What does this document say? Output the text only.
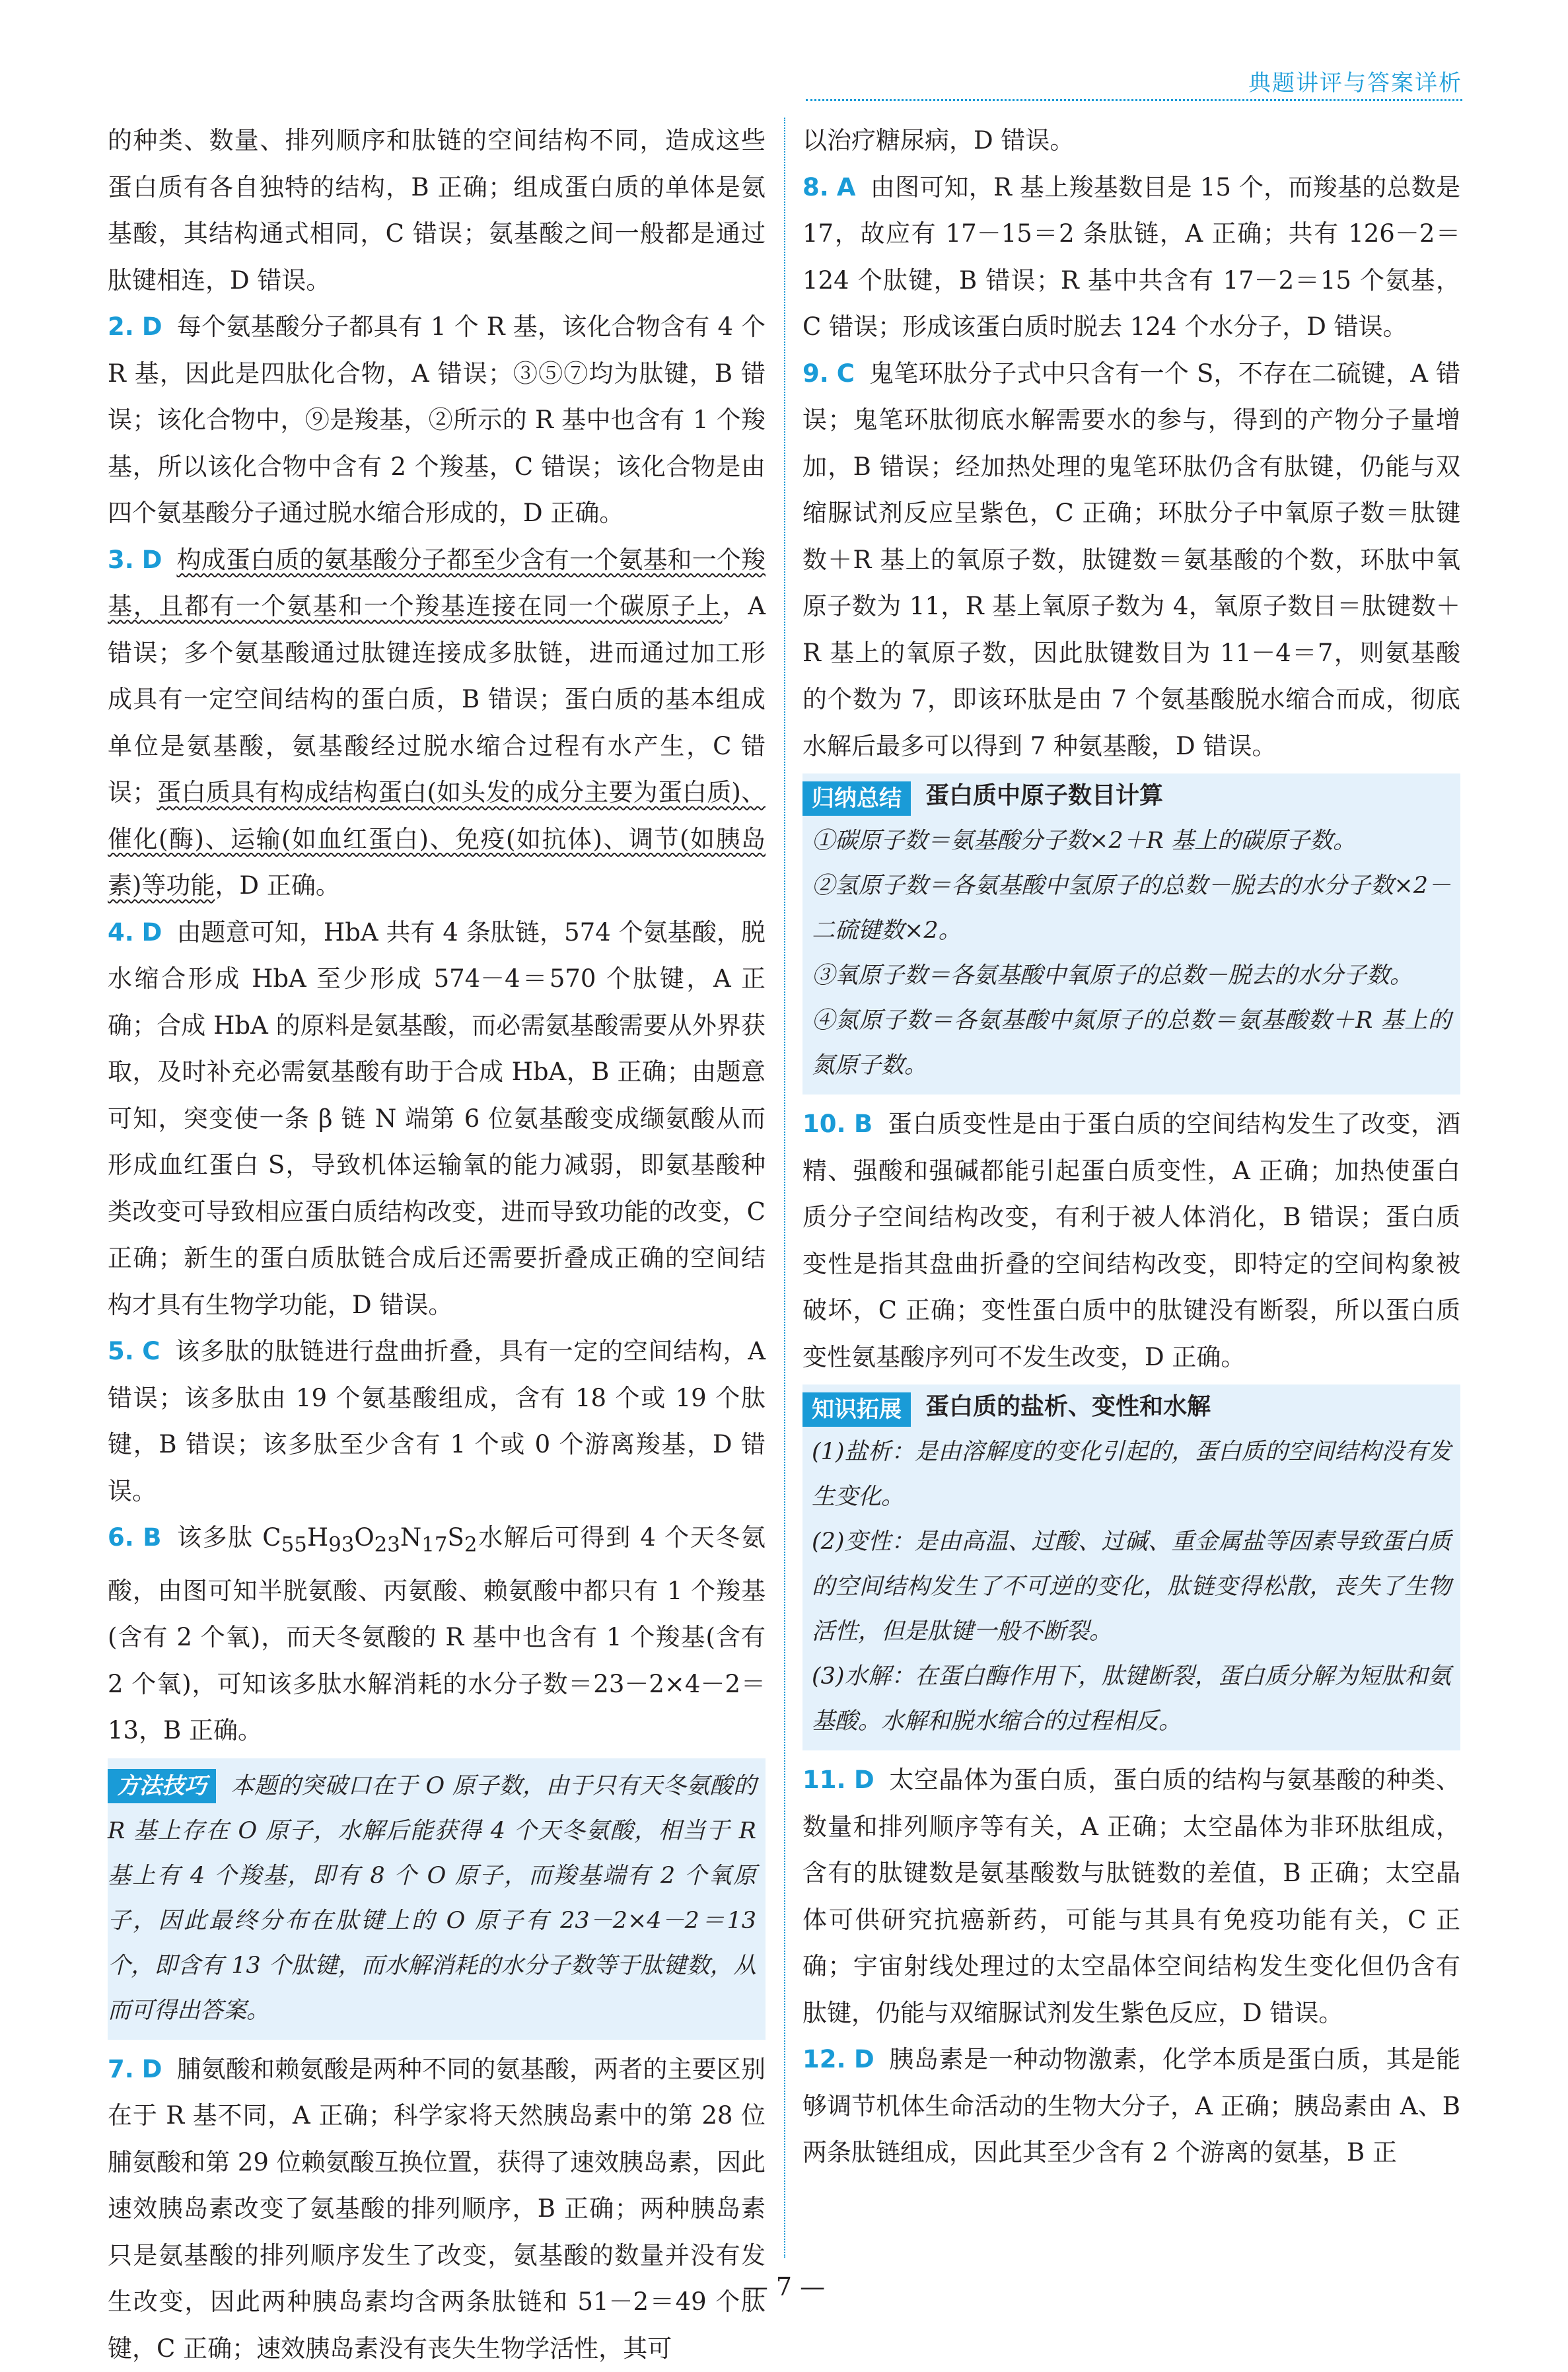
典题讲评与答案详析

的种类、数量、排列顺序和肽链的空间结构不同，造成这些蛋白质有各自独特的结构，B 正确；组成蛋白质的单体是氨基酸，其结构通式相同，C 错误；氨基酸之间一般都是通过肽键相连，D 错误。

2. D 每个氨基酸分子都具有 1 个 R 基，该化合物含有 4 个 R 基，因此是四肽化合物，A 错误；③⑤⑦均为肽键，B 错误；该化合物中，⑨是羧基，②所示的 R 基中也含有 1 个羧基，所以该化合物中含有 2 个羧基，C 错误；该化合物是由四个氨基酸分子通过脱水缩合形成的，D 正确。

3. D 构成蛋白质的氨基酸分子都至少含有一个氨基和一个羧基，且都有一个氨基和一个羧基连接在同一个碳原子上，A 错误；多个氨基酸通过肽键连接成多肽链，进而通过加工形成具有一定空间结构的蛋白质，B 错误；蛋白质的基本组成单位是氨基酸，氨基酸经过脱水缩合过程有水产生，C 错误；蛋白质具有构成结构蛋白(如头发的成分主要为蛋白质)、催化(酶)、运输(如血红蛋白)、免疫(如抗体)、调节(如胰岛素)等功能，D 正确。

4. D 由题意可知，HbA 共有 4 条肽链，574 个氨基酸，脱水缩合形成 HbA 至少形成 574－4＝570 个肽键，A 正确；合成 HbA 的原料是氨基酸，而必需氨基酸需要从外界获取，及时补充必需氨基酸有助于合成 HbA，B 正确；由题意可知，突变使一条 β 链 N 端第 6 位氨基酸变成缬氨酸从而形成血红蛋白 S，导致机体运输氧的能力减弱，即氨基酸种类改变可导致相应蛋白质结构改变，进而导致功能的改变，C 正确；新生的蛋白质肽链合成后还需要折叠成正确的空间结构才具有生物学功能，D 错误。

5. C 该多肽的肽链进行盘曲折叠，具有一定的空间结构，A 错误；该多肽由 19 个氨基酸组成，含有 18 个或 19 个肽键，B 错误；该多肽至少含有 1 个或 0 个游离羧基，D 错误。

6. B 该多肽 $C_{55}H_{93}O_{23}N_{17}S_2$水解后可得到 4 个天冬氨酸，由图可知半胱氨酸、丙氨酸、赖氨酸中都只有 1 个羧基(含有 2 个氧)，而天冬氨酸的 R 基中也含有 1 个羧基(含有 2 个氧)，可知该多肽水解消耗的水分子数＝23－2×4－2＝13，B 正确。

方法技巧 本题的突破口在于 O 原子数，由于只有天冬氨酸的 R 基上存在 O 原子，水解后能获得 4 个天冬氨酸，相当于 R 基上有 4 个羧基，即有 8 个 O 原子，而羧基端有 2 个氧原子，因此最终分布在肽键上的 O 原子有 23－2×4－2＝13 个，即含有 13 个肽键，而水解消耗的水分子数等于肽键数，从而可得出答案。

7. D 脯氨酸和赖氨酸是两种不同的氨基酸，两者的主要区别在于 R 基不同，A 正确；科学家将天然胰岛素中的第 28 位脯氨酸和第 29 位赖氨酸互换位置，获得了速效胰岛素，因此速效胰岛素改变了氨基酸的排列顺序，B 正确；两种胰岛素只是氨基酸的排列顺序发生了改变，氨基酸的数量并没有发生改变，因此两种胰岛素均含两条肽链和 51－2＝49 个肽键，C 正确；速效胰岛素没有丧失生物学活性，其可

以治疗糖尿病，D 错误。

8. A 由图可知，R 基上羧基数目是 15 个，而羧基的总数是 17，故应有 17－15＝2 条肽链，A 正确；共有 126－2＝124 个肽键，B 错误；R 基中共含有 17－2＝15 个氨基，C 错误；形成该蛋白质时脱去 124 个水分子，D 错误。

9. C 鬼笔环肽分子式中只含有一个 S，不存在二硫键，A 错误；鬼笔环肽彻底水解需要水的参与，得到的产物分子量增加，B 错误；经加热处理的鬼笔环肽仍含有肽键，仍能与双缩脲试剂反应呈紫色，C 正确；环肽分子中氧原子数＝肽键数＋R 基上的氧原子数，肽键数＝氨基酸的个数，环肽中氧原子数为 11，R 基上氧原子数为 4，氧原子数目＝肽键数＋R 基上的氧原子数，因此肽键数目为 11－4＝7，则氨基酸的个数为 7，即该环肽是由 7 个氨基酸脱水缩合而成，彻底水解后最多可以得到 7 种氨基酸，D 错误。

归纳总结	蛋白质中原子数目计算

①碳原子数＝氨基酸分子数×2＋R 基上的碳原子数。

②氢原子数＝各氨基酸中氢原子的总数－脱去的水分子数×2－二硫键数×2。

③氧原子数＝各氨基酸中氧原子的总数－脱去的水分子数。

④氮原子数＝各氨基酸中氮原子的总数＝氨基酸数＋R 基上的氮原子数。

10. B 蛋白质变性是由于蛋白质的空间结构发生了改变，酒精、强酸和强碱都能引起蛋白质变性，A 正确；加热使蛋白质分子空间结构改变，有利于被人体消化，B 错误；蛋白质变性是指其盘曲折叠的空间结构改变，即特定的空间构象被破坏，C 正确；变性蛋白质中的肽键没有断裂，所以蛋白质变性氨基酸序列可不发生改变，D 正确。

知识拓展	蛋白质的盐析、变性和水解

(1)盐析：是由溶解度的变化引起的，蛋白质的空间结构没有发生变化。

(2)变性：是由高温、过酸、过碱、重金属盐等因素导致蛋白质的空间结构发生了不可逆的变化，肽链变得松散，丧失了生物活性，但是肽键一般不断裂。

(3)水解：在蛋白酶作用下，肽键断裂，蛋白质分解为短肽和氨基酸。水解和脱水缩合的过程相反。

11. D 太空晶体为蛋白质，蛋白质的结构与氨基酸的种类、数量和排列顺序等有关，A 正确；太空晶体为非环肽组成，含有的肽键数是氨基酸数与肽链数的差值，B 正确；太空晶体可供研究抗癌新药，可能与其具有免疫功能有关，C 正确；宇宙射线处理过的太空晶体空间结构发生变化但仍含有肽键，仍能与双缩脲试剂发生紫色反应，D 错误。

12. D 胰岛素是一种动物激素，化学本质是蛋白质，其是能够调节机体生命活动的生物大分子，A 正确；胰岛素由 A、B 两条肽链组成，因此其至少含有 2 个游离的氨基，B 正

— 7 —
